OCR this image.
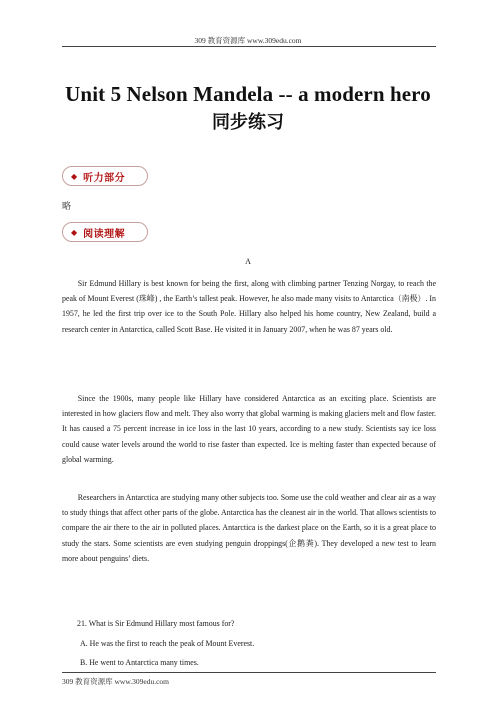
309 教育资源库 www.309edu.com
Unit 5 Nelson Mandela -- a modern hero
同步练习
◆ 听力部分
略
◆ 阅读理解
A

Sir Edmund Hillary is best known for being the first, along with climbing partner Tenzing Norgay, to reach the peak of Mount Everest (珠峰) , the Earth’s tallest peak. However, he also made many visits to Antarctica（南极）. In 1957, he led the first trip over ice to the South Pole. Hillary also helped his home country, New Zealand, build a research center in Antarctica, called Scott Base. He visited it in January 2007, when he was 87 years old.

Since the 1900s, many people like Hillary have considered Antarctica as an exciting place. Scientists are interested in how glaciers flow and melt. They also worry that global warming is making glaciers melt and flow faster. It has caused a 75 percent increase in ice loss in the last 10 years, according to a new study. Scientists say ice loss could cause water levels around the world to rise faster than expected. Ice is melting faster than expected because of global warming.

Researchers in Antarctica are studying many other subjects too. Some use the cold weather and clear air as a way to study things that affect other parts of the globe. Antarctica has the cleanest air in the world. That allows scientists to compare the air there to the air in polluted places. Antarctica is the darkest place on the Earth, so it is a great place to study the stars. Some scientists are even studying penguin droppings(企鹅粪). They developed a new test to learn more about penguins’ diets.

21. What is Sir Edmund Hillary most famous for?
A. He was the first to reach the peak of Mount Everest.
B. He went to Antarctica many times.
309 教育资源库 www.309edu.com
